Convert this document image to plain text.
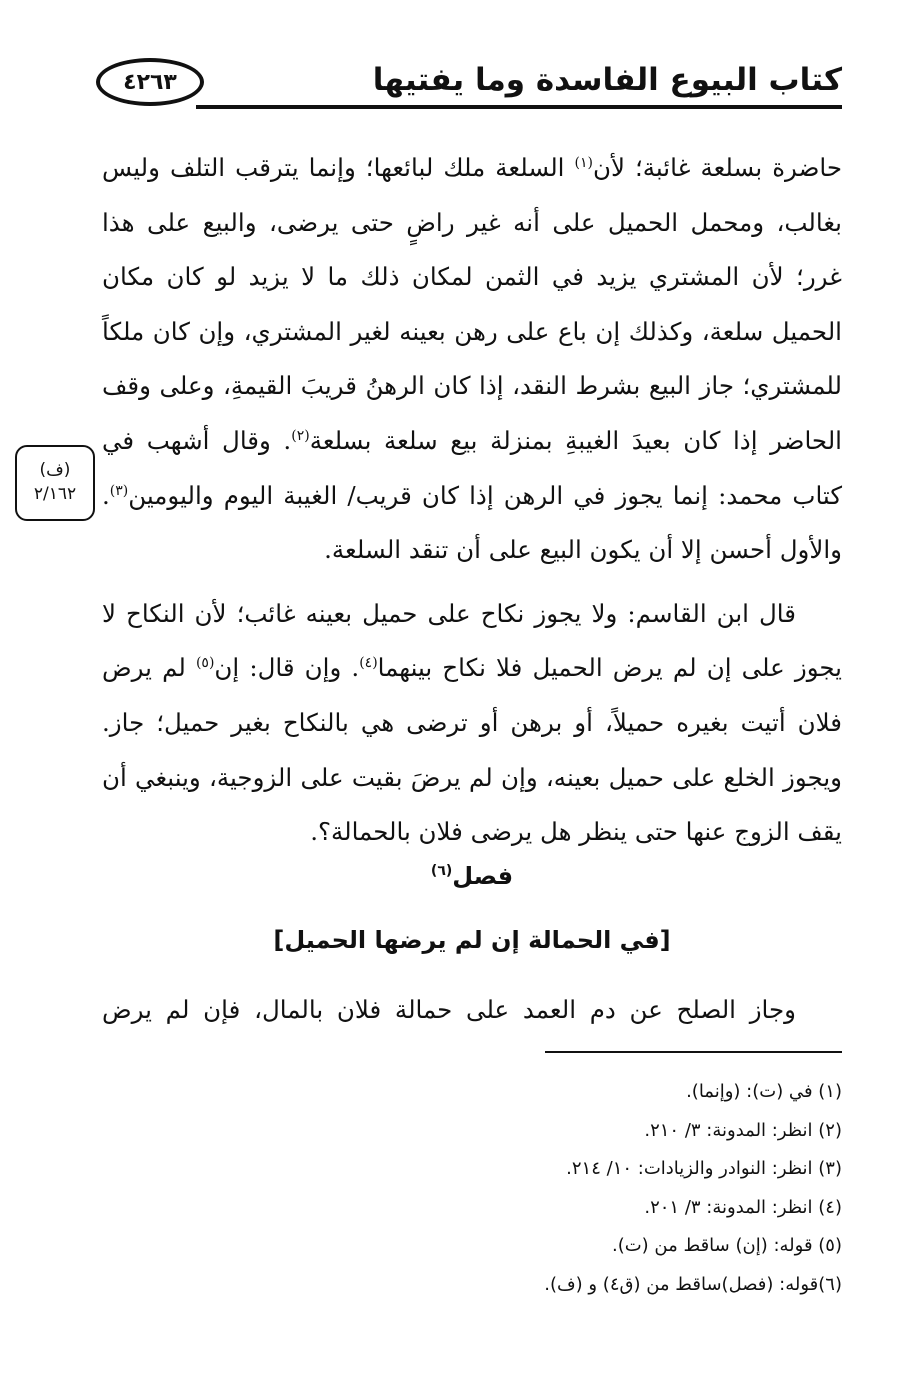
٤٢٦٣	كتاب البيوع الفاسدة وما يفتيها
(ف)
٢/١٦٢

حاضرة بسلعة غائبة؛ لأن$^{(١)}$ السلعة ملك لبائعها؛ وإنما يترقب التلف وليس بغالب، ومحمل الحميل على أنه غير راضٍ حتى يرضى، والبيع على هذا غرر؛ لأن المشتري يزيد في الثمن لمكان ذلك ما لا يزيد لو كان مكان الحميل سلعة، وكذلك إن باع على رهن بعينه لغير المشتري، وإن كان ملكاً للمشتري؛ جاز البيع بشرط النقد، إذا كان الرهنُ قريبَ القيمةِ، وعلى وقف الحاضر إذا كان بعيدَ الغيبةِ بمنزلة بيع سلعة بسلعة$^{(٢)}$. وقال أشهب في كتاب محمد: إنما يجوز في الرهن إذا كان قريب/ الغيبة اليوم واليومين$^{(٣)}$. والأول أحسن إلا أن يكون البيع على أن تنقد السلعة.

قال ابن القاسم: ولا يجوز نكاح على حميل بعينه غائب؛ لأن النكاح لا يجوز على إن لم يرض الحميل فلا نكاح بينهما$^{(٤)}$. وإن قال: إن$^{(٥)}$ لم يرض فلان أتيت بغيره حميلاً، أو برهن أو ترضى هي بالنكاح بغير حميل؛ جاز. ويجوز الخلع على حميل بعينه، وإن لم يرضَ بقيت على الزوجية، وينبغي أن يقف الزوج عنها حتى ينظر هل يرضى فلان بالحمالة؟.

فصل$^{(٦)}$
[في الحمالة إن لم يرضها الحميل]
وجاز الصلح عن دم العمد على حمالة فلان بالمال، فإن لم يرض
(١) في (ت): (وإنما).
(٢) انظر: المدونة: ٣/ ٢١٠.
(٣) انظر: النوادر والزيادات: ١٠/ ٢١٤.
(٤) انظر: المدونة: ٣/ ٢٠١.
(٥) قوله: (إن) ساقط من (ت).
(٦)قوله: (فصل)ساقط من (ق٤) و (ف).
